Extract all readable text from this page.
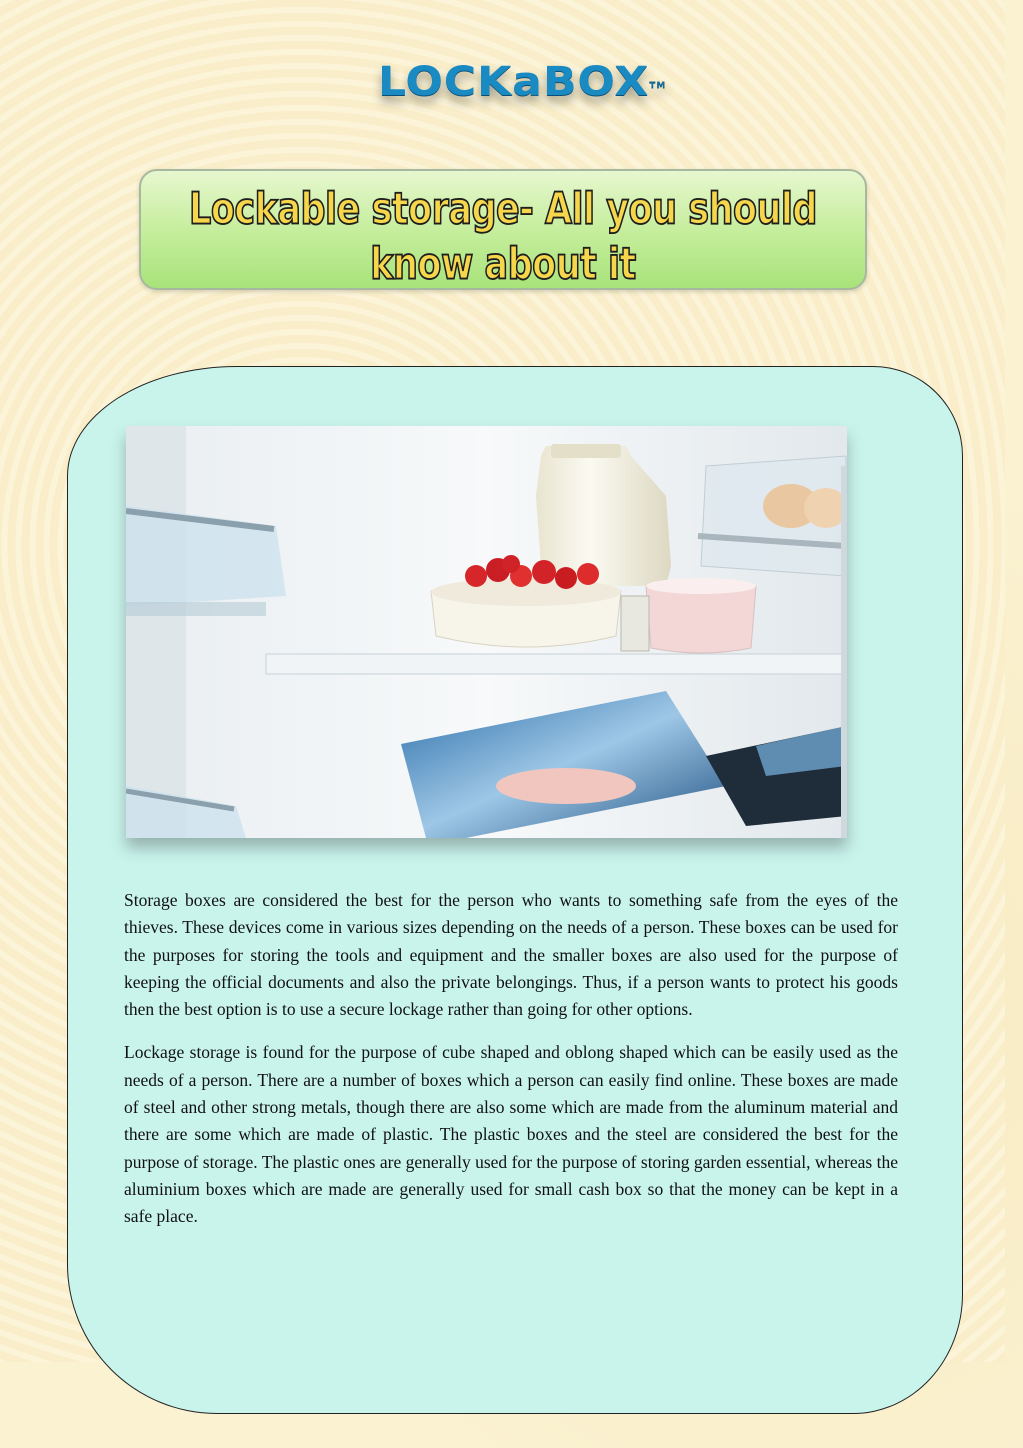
LOCKaBOX™
Lockable storage- All you should know about it

Storage boxes are considered the best for the person who wants to something safe from the eyes of the thieves. These devices come in various sizes depending on the needs of a person. These boxes can be used for the purposes for storing the tools and equipment and the smaller boxes are also used for the purpose of keeping the official documents and also the private belongings. Thus, if a person wants to protect his goods then the best option is to use a secure lockage rather than going for other options.

Lockage storage is found for the purpose of cube shaped and oblong shaped which can be easily used as the needs of a person. There are a number of boxes which a person can easily find online. These boxes are made of steel and other strong metals, though there are also some which are made from the aluminum material and there are some which are made of plastic. The plastic boxes and the steel are considered the best for the purpose of storage. The plastic ones are generally used for the purpose of storing garden essential, whereas the aluminium boxes which are made are generally used for small cash box so that the money can be kept in a safe place.
